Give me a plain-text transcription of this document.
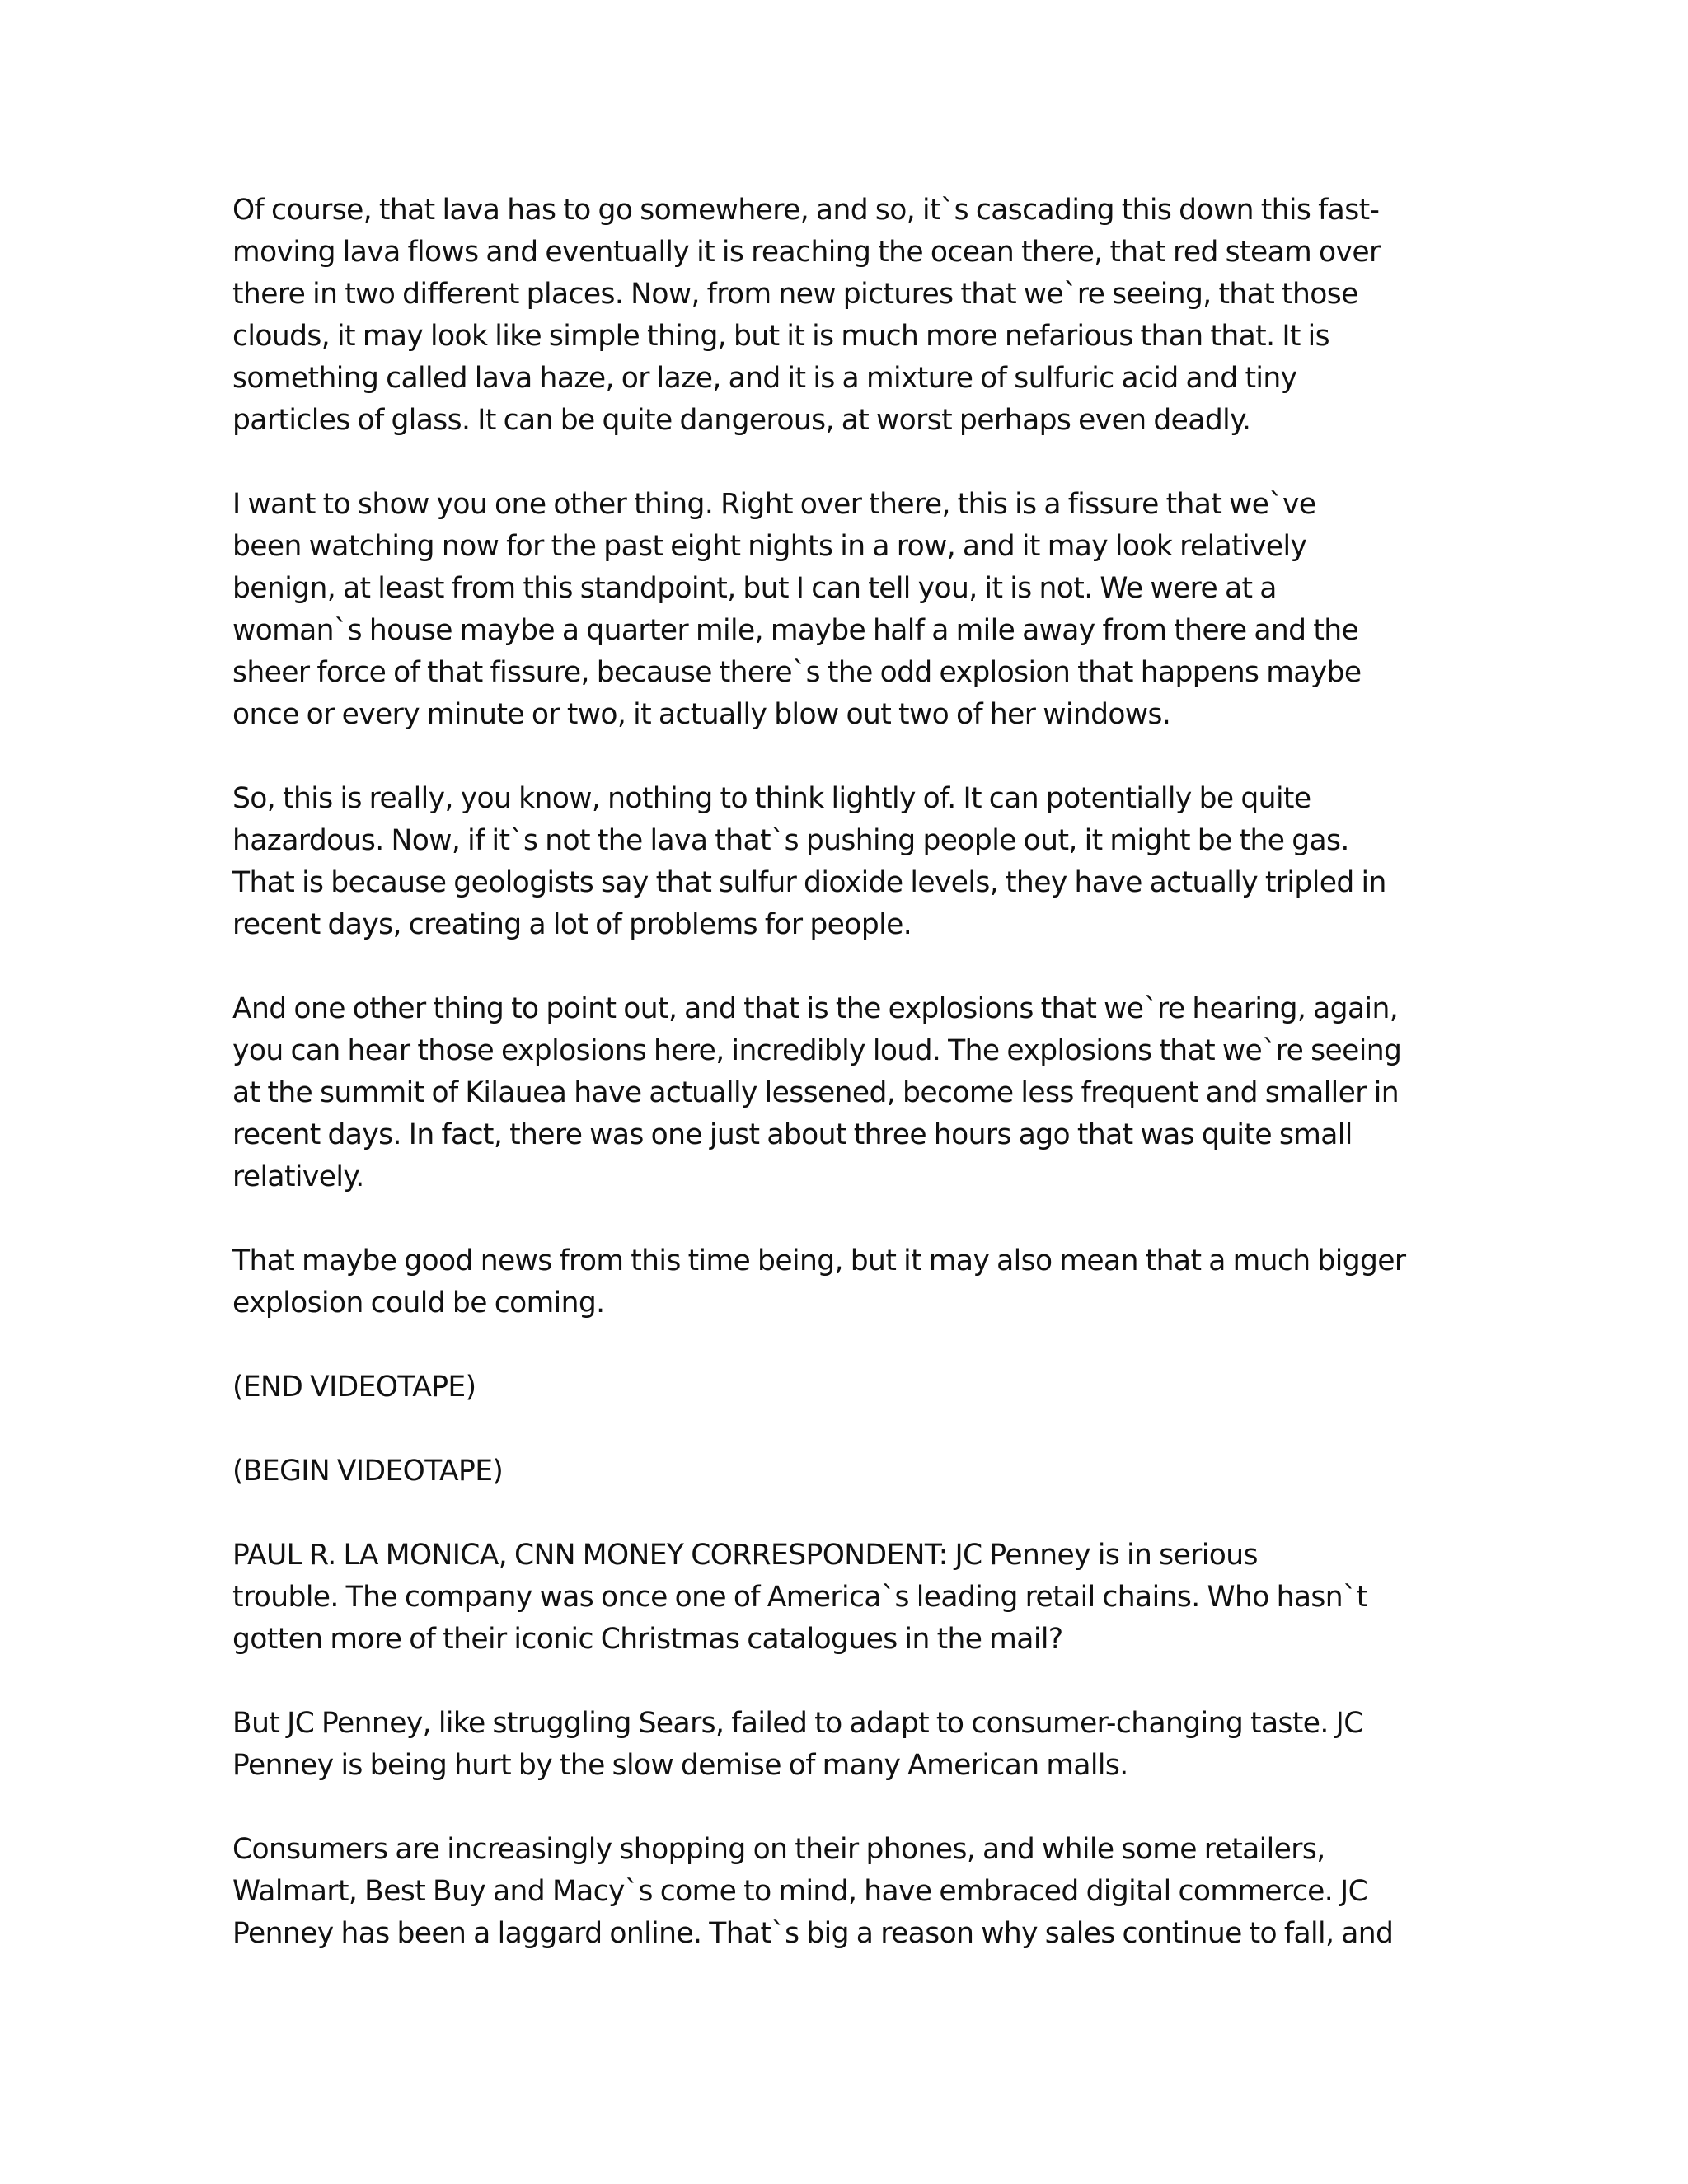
Of course, that lava has to go somewhere, and so, it`s cascading this down this fast-
moving lava flows and eventually it is reaching the ocean there, that red steam over
there in two different places. Now, from new pictures that we`re seeing, that those
clouds, it may look like simple thing, but it is much more nefarious than that. It is
something called lava haze, or laze, and it is a mixture of sulfuric acid and tiny
particles of glass. It can be quite dangerous, at worst perhaps even deadly.

I want to show you one other thing. Right over there, this is a fissure that we`ve
been watching now for the past eight nights in a row, and it may look relatively
benign, at least from this standpoint, but I can tell you, it is not. We were at a
woman`s house maybe a quarter mile, maybe half a mile away from there and the
sheer force of that fissure, because there`s the odd explosion that happens maybe
once or every minute or two, it actually blow out two of her windows.

So, this is really, you know, nothing to think lightly of. It can potentially be quite
hazardous. Now, if it`s not the lava that`s pushing people out, it might be the gas.
That is because geologists say that sulfur dioxide levels, they have actually tripled in
recent days, creating a lot of problems for people.

And one other thing to point out, and that is the explosions that we`re hearing, again,
you can hear those explosions here, incredibly loud. The explosions that we`re seeing
at the summit of Kilauea have actually lessened, become less frequent and smaller in
recent days. In fact, there was one just about three hours ago that was quite small
relatively.

That maybe good news from this time being, but it may also mean that a much bigger
explosion could be coming.

(END VIDEOTAPE)

(BEGIN VIDEOTAPE)

PAUL R. LA MONICA, CNN MONEY CORRESPONDENT: JC Penney is in serious
trouble. The company was once one of America`s leading retail chains. Who hasn`t
gotten more of their iconic Christmas catalogues in the mail?

But JC Penney, like struggling Sears, failed to adapt to consumer-changing taste. JC
Penney is being hurt by the slow demise of many American malls.

Consumers are increasingly shopping on their phones, and while some retailers,
Walmart, Best Buy and Macy`s come to mind, have embraced digital commerce. JC
Penney has been a laggard online. That`s big a reason why sales continue to fall, and
